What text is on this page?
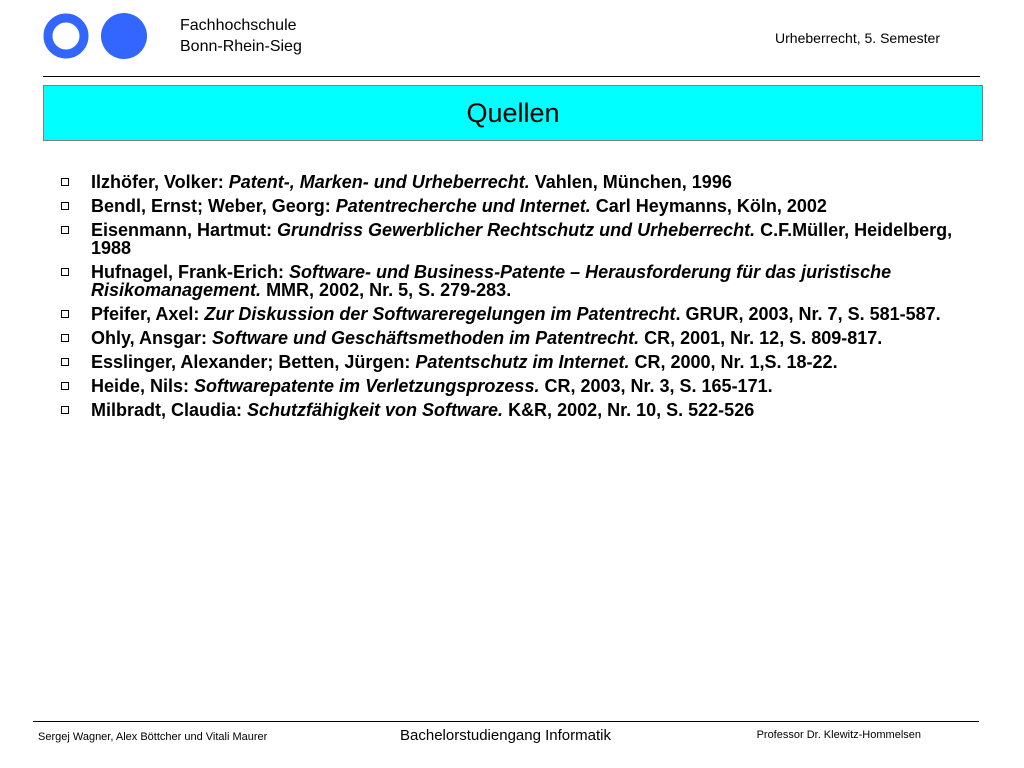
Fachhochschule
Bonn-Rhein-Sieg	Urheberrecht, 5. Semester
Quellen
Ilzhöfer, Volker: Patent-, Marken- und Urheberrecht. Vahlen, München, 1996
Bendl, Ernst; Weber, Georg: Patentrecherche und Internet. Carl Heymanns, Köln, 2002
Eisenmann, Hartmut: Grundriss Gewerblicher Rechtschutz und Urheberrecht. C.F.Müller, Heidelberg, 1988
Hufnagel, Frank-Erich: Software- und Business-Patente – Herausforderung für das juristische Risikomanagement. MMR, 2002, Nr. 5, S. 279-283.
Pfeifer, Axel: Zur Diskussion der Softwareregelungen im Patentrecht. GRUR, 2003, Nr. 7, S. 581-587.
Ohly, Ansgar: Software und Geschäftsmethoden im Patentrecht. CR, 2001, Nr. 12, S. 809-817.
Esslinger, Alexander; Betten, Jürgen: Patentschutz im Internet. CR, 2000, Nr. 1,S. 18-22.
Heide, Nils: Softwarepatente im Verletzungsprozess. CR, 2003, Nr. 3, S. 165-171.
Milbradt, Claudia: Schutzfähigkeit von Software. K&R, 2002, Nr. 10, S. 522-526
Sergej Wagner, Alex Böttcher und Vitali Maurer	Bachelorstudiengang Informatik	Professor Dr. Klewitz-Hommelsen
